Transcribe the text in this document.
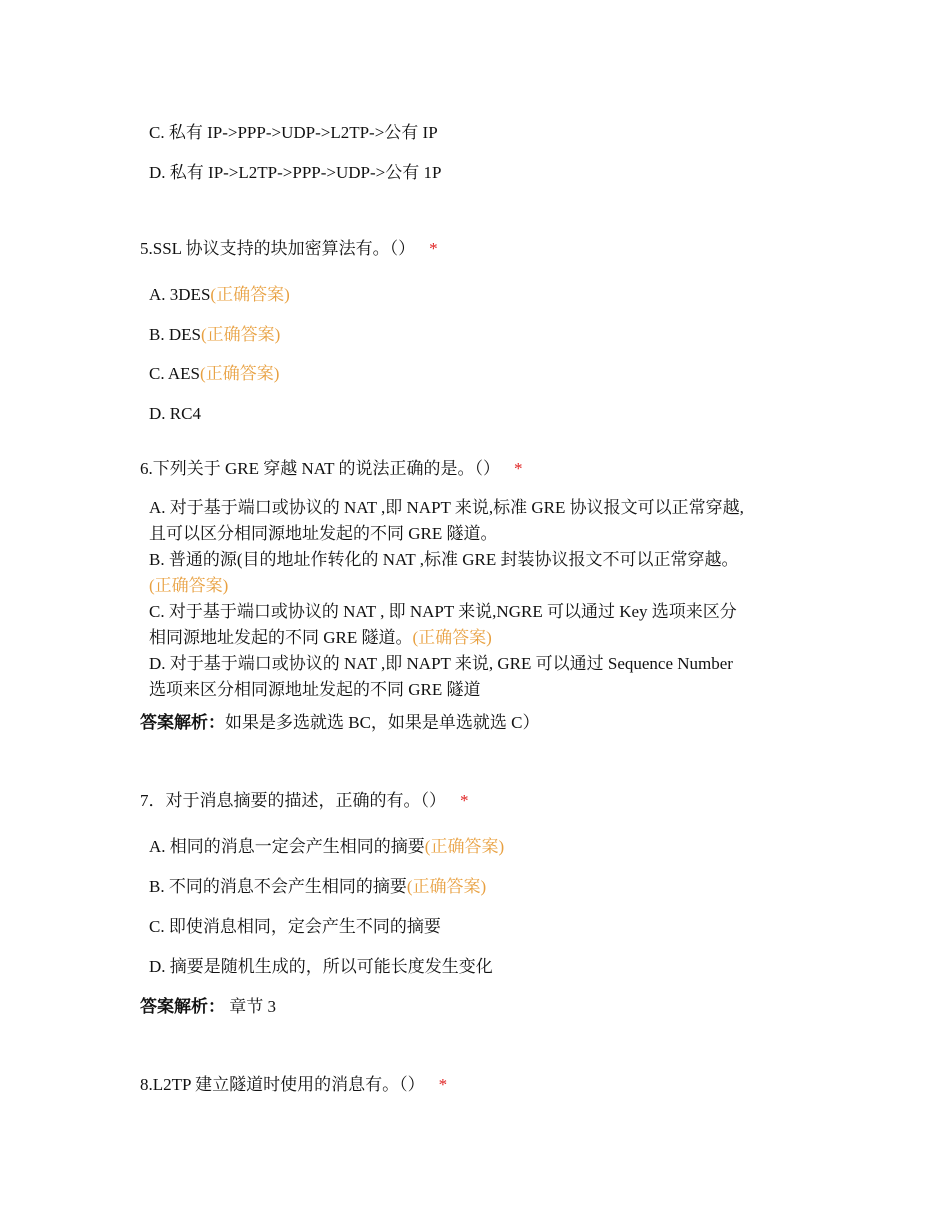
C. 私有 IP->PPP->UDP->L2TP->公有 IP
D. 私有 IP->L2TP->PPP->UDP->公有 1P
5.SSL 协议支持的块加密算法有。（） *
A. 3DES(正确答案)
B. DES(正确答案)
C. AES(正确答案)
D. RC4
6.下列关于 GRE 穿越 NAT 的说法正确的是。（） *
A. 对于基于端口或协议的 NAT ,即 NAPT 来说,标准 GRE 协议报文可以正常穿越,
且可以区分相同源地址发起的不同 GRE 隧道。
B. 普通的源(目的地址作转化的 NAT ,标准 GRE 封装协议报文不可以正常穿越。
(正确答案)
C. 对于基于端口或协议的 NAT , 即 NAPT 来说,NGRE 可以通过 Key 选项来区分
相同源地址发起的不同 GRE 隧道。(正确答案)
D. 对于基于端口或协议的 NAT ,即 NAPT 来说, GRE 可以通过 Sequence Number
选项来区分相同源地址发起的不同 GRE 隧道
答案解析：如果是多选就选 BC，如果是单选就选 C）
7．对于消息摘要的描述，正确的有。（） *
A. 相同的消息一定会产生相同的摘要(正确答案)
B. 不同的消息不会产生相同的摘要(正确答案)
C. 即使消息相同，定会产生不同的摘要
D. 摘要是随机生成的，所以可能长度发生变化
答案解析： 章节 3
8.L2TP 建立隧道时使用的消息有。（） *
